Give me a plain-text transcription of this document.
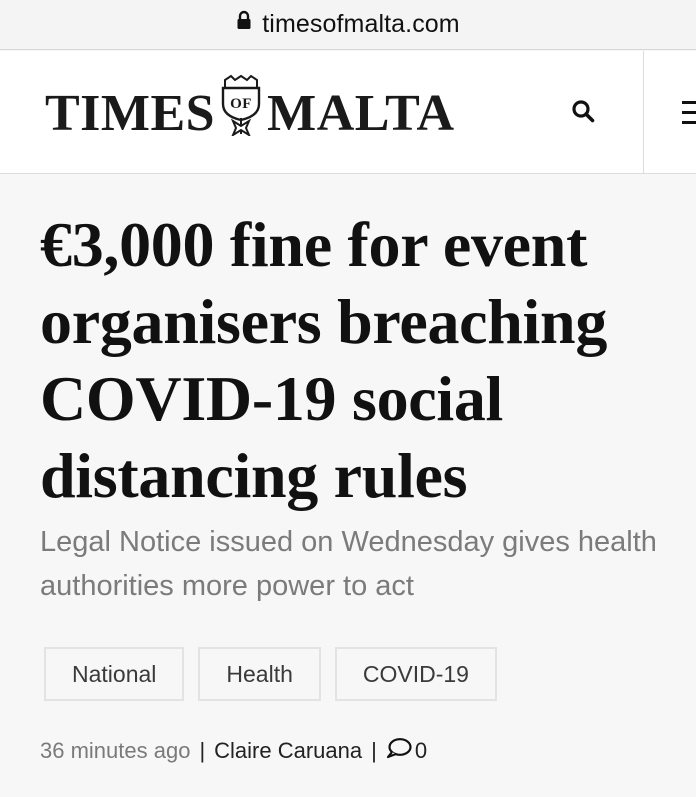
timesofmalta.com
TIMES OF MALTA
€3,000 fine for event organisers breaching COVID-19 social distancing rules

Legal Notice issued on Wednesday gives health authorities more power to act

National	Health	COVID-19
36 minutes ago | Claire Caruana | 0
